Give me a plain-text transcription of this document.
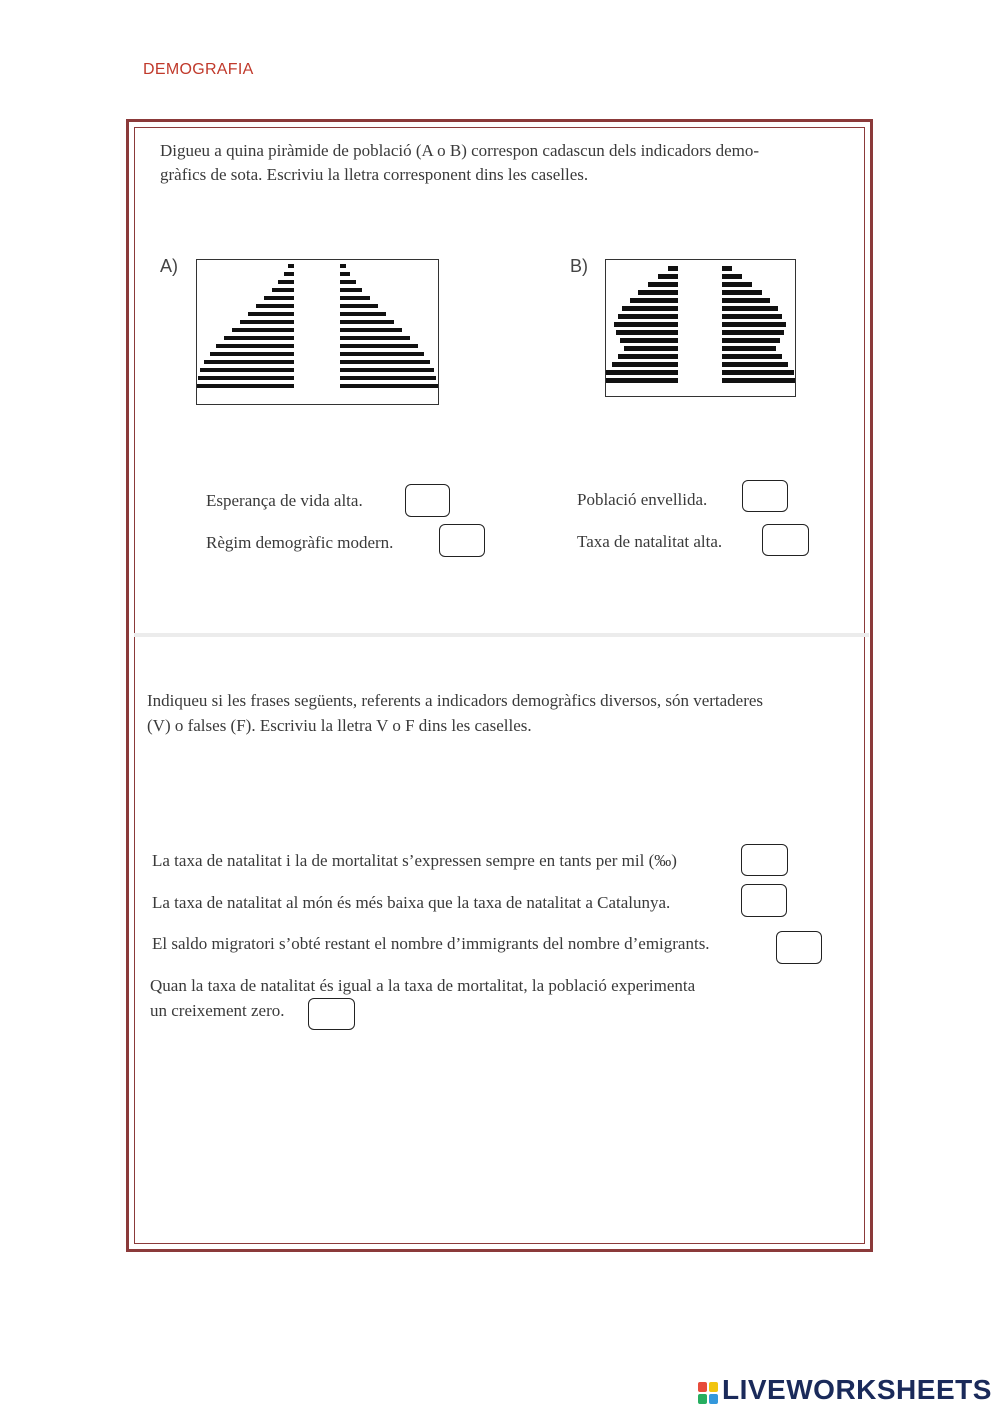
DEMOGRAFIA
Digueu a quina piràmide de població (A o B) correspon cadascun dels indicadors demo-
gràfics de sota. Escriviu la lletra corresponent dins les caselles.
A)	B)
Esperança de vida alta.
Règim demogràfic modern.
Població envellida.
Taxa de natalitat alta.
Indiqueu si les frases següents, referents a indicadors demogràfics diversos, són vertaderes
(V) o falses (F). Escriviu la lletra V o F dins les caselles.
La taxa de natalitat i la de mortalitat s’expressen sempre en tants per mil (‰)
La taxa de natalitat al món és més baixa que la taxa de natalitat a Catalunya.
El saldo migratori s’obté restant el nombre d’immigrants del nombre d’emigrants.
Quan la taxa de natalitat és igual a la taxa de mortalitat, la població experimenta
un creixement zero.
LIVEWORKSHEETS
